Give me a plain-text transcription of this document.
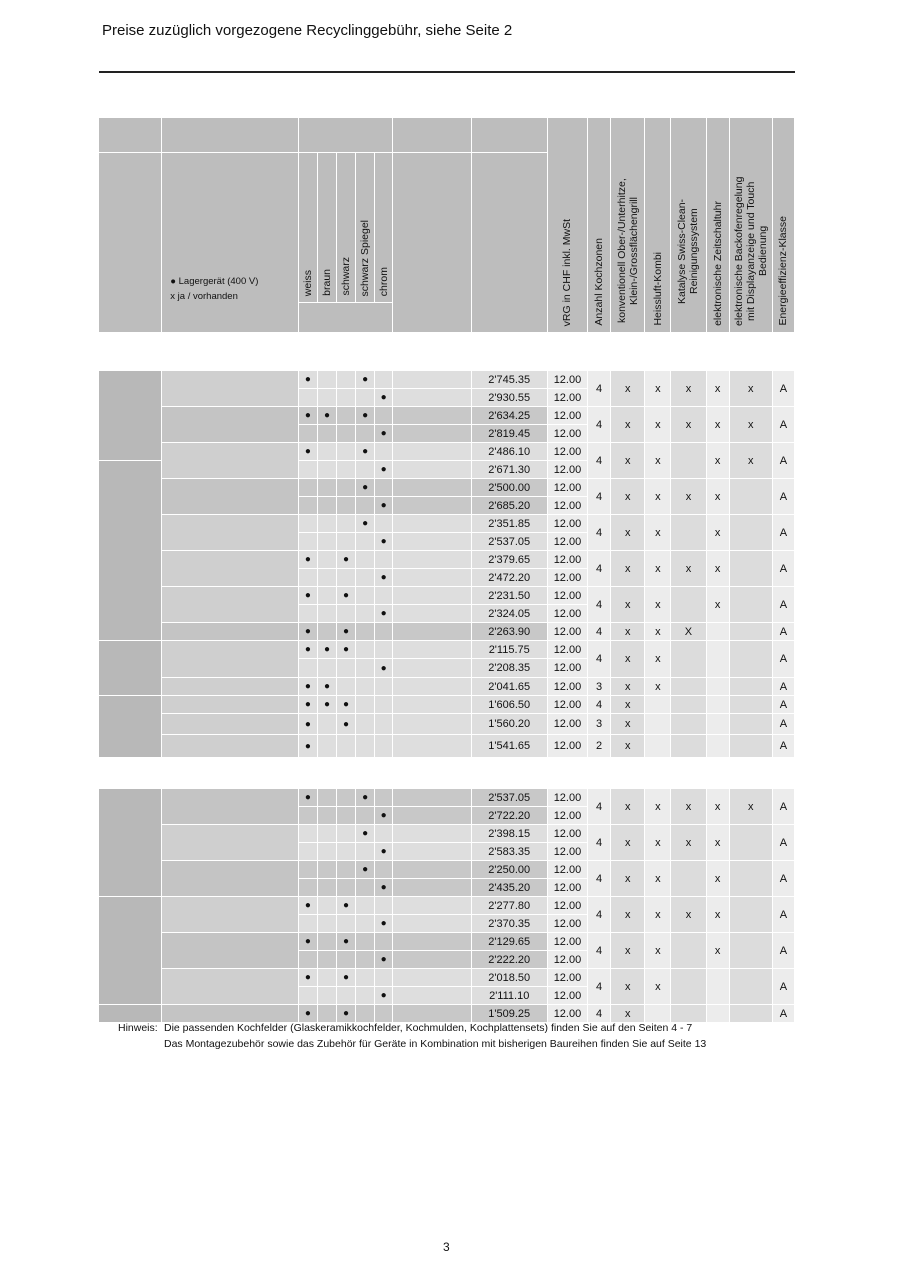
Preise zuzüglich vorgezogene Recyclinggebühr, siehe Seite 2
									vRG in CHF inkl. MwSt	Anzahl Kochzonen	konventionell Ober-/Unterhitze, Klein-/Grossflächengrill	Heissluft-Kombi	Katalyse Swiss-Clean-Reinigungssystem	elektronische Zeitschaltuhr	elektronische Backofenregelung mit Displayanzeige und Touch Bedienung	Energieeffizienz-Klasse

	● Lagergerät (400 V)
x ja / vorhanden	weiss	braun	schwarz	schwarz Spiegel	chrom										

		●			●			2'745.35	12.00	4	x	x	x	x	x	A
						●		2'930.55	12.00							
		●	●		●			2'634.25	12.00	4	x	x	x	x	x	A
						●		2'819.45	12.00							
		●			●			2'486.10	12.00	4	x	x		x	x	A
						●		2'671.30	12.00							
					●			2'500.00	12.00	4	x	x	x	x		A
						●		2'685.20	12.00							
					●			2'351.85	12.00	4	x	x		x		A
						●		2'537.05	12.00							
		●		●				2'379.65	12.00	4	x	x	x	x		A
						●		2'472.20	12.00							
		●		●				2'231.50	12.00	4	x	x		x		A
						●		2'324.05	12.00							
		●		●				2'263.90	12.00	4	x	x	X			A
		●	●	●				2'115.75	12.00	4	x	x				A
						●		2'208.35	12.00							
		●	●					2'041.65	12.00	3	x	x				A
		●	●	●				1'606.50	12.00	4	x					A
		●		●				1'560.20	12.00	3	x					A
		●						1'541.65	12.00	2	x					A
		●			●			2'537.05	12.00	4	x	x	x	x	x	A
						●		2'722.20	12.00							
					●			2'398.15	12.00	4	x	x	x	x		A
						●		2'583.35	12.00							
					●			2'250.00	12.00	4	x	x		x		A
						●		2'435.20	12.00							
		●		●				2'277.80	12.00	4	x	x	x	x		A
						●		2'370.35	12.00							
		●		●				2'129.65	12.00	4	x	x		x		A
						●		2'222.20	12.00							
		●		●				2'018.50	12.00	4	x	x				A
						●		2'111.10	12.00							
		●		●				1'509.25	12.00	4	x					A
Hinweis: Die passenden Kochfelder (Glaskeramikkochfelder, Kochmulden, Kochplattensets) finden Sie auf den Seiten 4 - 7
Das Montagezubehör sowie das Zubehör für Geräte in Kombination mit bisherigen Baureihen finden Sie auf Seite 13
3
